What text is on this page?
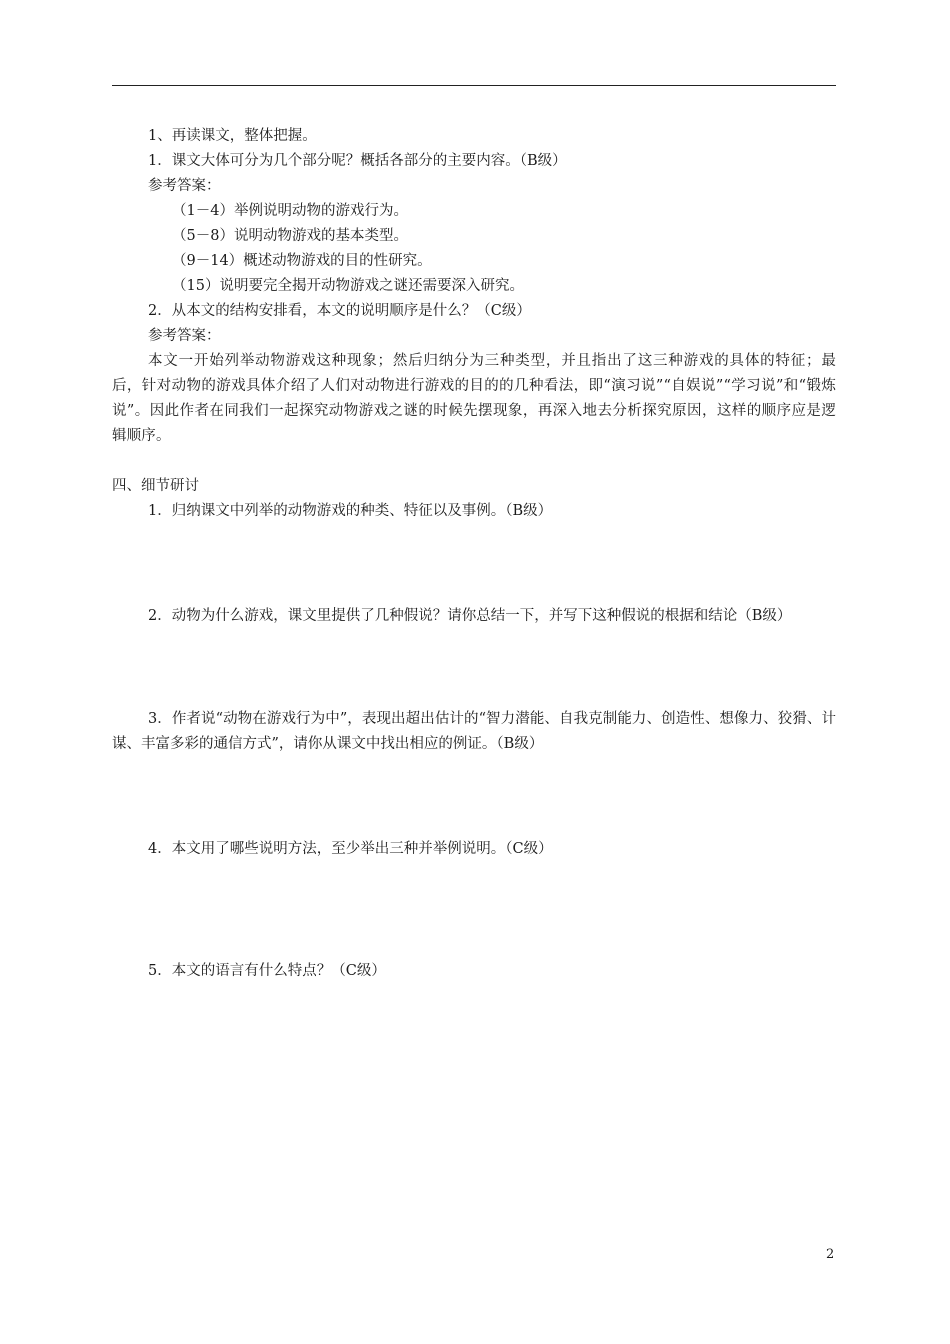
1、再读课文，整体把握。
1．课文大体可分为几个部分呢？概括各部分的主要内容。（B级）
参考答案：
（1－4）举例说明动物的游戏行为。
（5－8）说明动物游戏的基本类型。
（9－14）概述动物游戏的目的性研究。
（15）说明要完全揭开动物游戏之谜还需要深入研究。
2．从本文的结构安排看，本文的说明顺序是什么？（C级）
参考答案：
本文一开始列举动物游戏这种现象；然后归纳分为三种类型，并且指出了这三种游戏的具体的特征；最后，针对动物的游戏具体介绍了人们对动物进行游戏的目的的几种看法，即“演习说”“自娱说”“学习说”和“锻炼说”。因此作者在同我们一起探究动物游戏之谜的时候先摆现象，再深入地去分析探究原因，这样的顺序应是逻辑顺序。
四、细节研讨
1．归纳课文中列举的动物游戏的种类、特征以及事例。（B级）
2．动物为什么游戏，课文里提供了几种假说？请你总结一下，并写下这种假说的根据和结论（B级）
3．作者说“动物在游戏行为中”，表现出超出估计的“智力潜能、自我克制能力、创造性、想像力、狡猾、计谋、丰富多彩的通信方式”，请你从课文中找出相应的例证。（B级）
4．本文用了哪些说明方法，至少举出三种并举例说明。（C级）
5．本文的语言有什么特点？（C级）
2
